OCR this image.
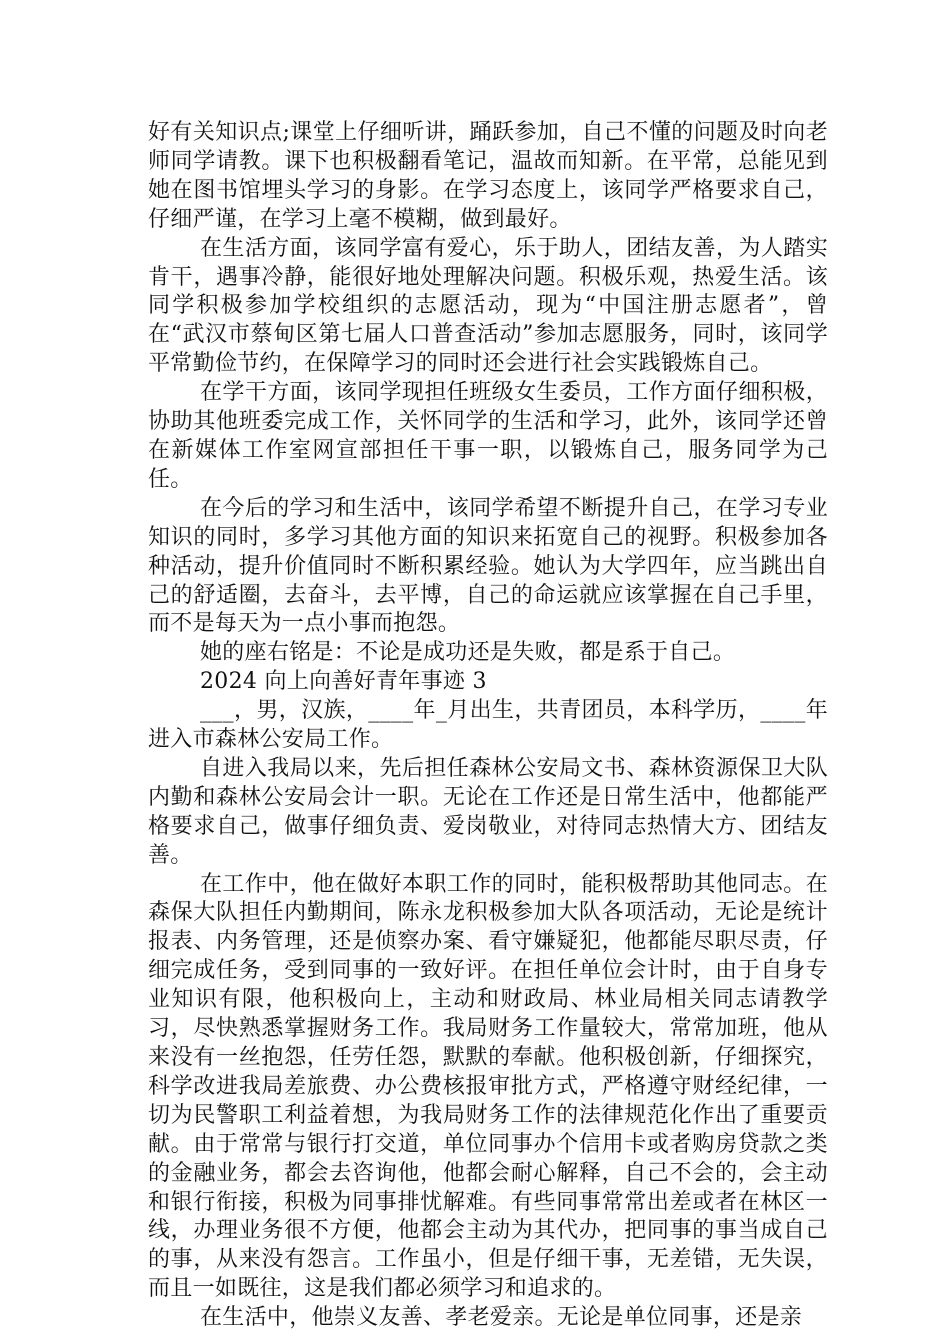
好有关知识点;课堂上仔细听讲，踊跃参加，自己不懂的问题及时向老师同学请教。课下也积极翻看笔记，温故而知新。在平常，总能见到她在图书馆埋头学习的身影。在学习态度上，该同学严格要求自己，仔细严谨，在学习上毫不模糊，做到最好。

在生活方面，该同学富有爱心，乐于助人，团结友善，为人踏实肯干，遇事冷静，能很好地处理解决问题。积极乐观，热爱生活。该同学积极参加学校组织的志愿活动，现为“中国注册志愿者”，曾在“武汉市蔡甸区第七届人口普查活动”参加志愿服务，同时，该同学平常勤俭节约，在保障学习的同时还会进行社会实践锻炼自己。

在学干方面，该同学现担任班级女生委员，工作方面仔细积极，协助其他班委完成工作，关怀同学的生活和学习，此外，该同学还曾在新媒体工作室网宣部担任干事一职，以锻炼自己，服务同学为己任。

在今后的学习和生活中，该同学希望不断提升自己，在学习专业知识的同时，多学习其他方面的知识来拓宽自己的视野。积极参加各种活动，提升价值同时不断积累经验。她认为大学四年，应当跳出自己的舒适圈，去奋斗，去平博，自己的命运就应该掌握在自己手里，而不是每天为一点小事而抱怨。

她的座右铭是：不论是成功还是失败，都是系于自己。

2024 向上向善好青年事迹 3

___，男，汉族，____年_月出生，共青团员，本科学历，____年进入市森林公安局工作。

自进入我局以来，先后担任森林公安局文书、森林资源保卫大队内勤和森林公安局会计一职。无论在工作还是日常生活中，他都能严格要求自己，做事仔细负责、爱岗敬业，对待同志热情大方、团结友善。

在工作中，他在做好本职工作的同时，能积极帮助其他同志。在森保大队担任内勤期间，陈永龙积极参加大队各项活动，无论是统计报表、内务管理，还是侦察办案、看守嫌疑犯，他都能尽职尽责，仔细完成任务，受到同事的一致好评。在担任单位会计时，由于自身专业知识有限，他积极向上，主动和财政局、林业局相关同志请教学习，尽快熟悉掌握财务工作。我局财务工作量较大，常常加班，他从来没有一丝抱怨，任劳任怨，默默的奉献。他积极创新，仔细探究，科学改进我局差旅费、办公费核报审批方式，严格遵守财经纪律，一切为民警职工利益着想，为我局财务工作的法律规范化作出了重要贡献。由于常常与银行打交道，单位同事办个信用卡或者购房贷款之类的金融业务，都会去咨询他，他都会耐心解释，自己不会的，会主动和银行衔接，积极为同事排忧解难。有些同事常常出差或者在林区一线，办理业务很不方便，他都会主动为其代办，把同事的事当成自己的事，从来没有怨言。工作虽小，但是仔细干事，无差错，无失误，而且一如既往，这是我们都必须学习和追求的。

在生活中，他崇义友善、孝老爱亲。无论是单位同事，还是亲
